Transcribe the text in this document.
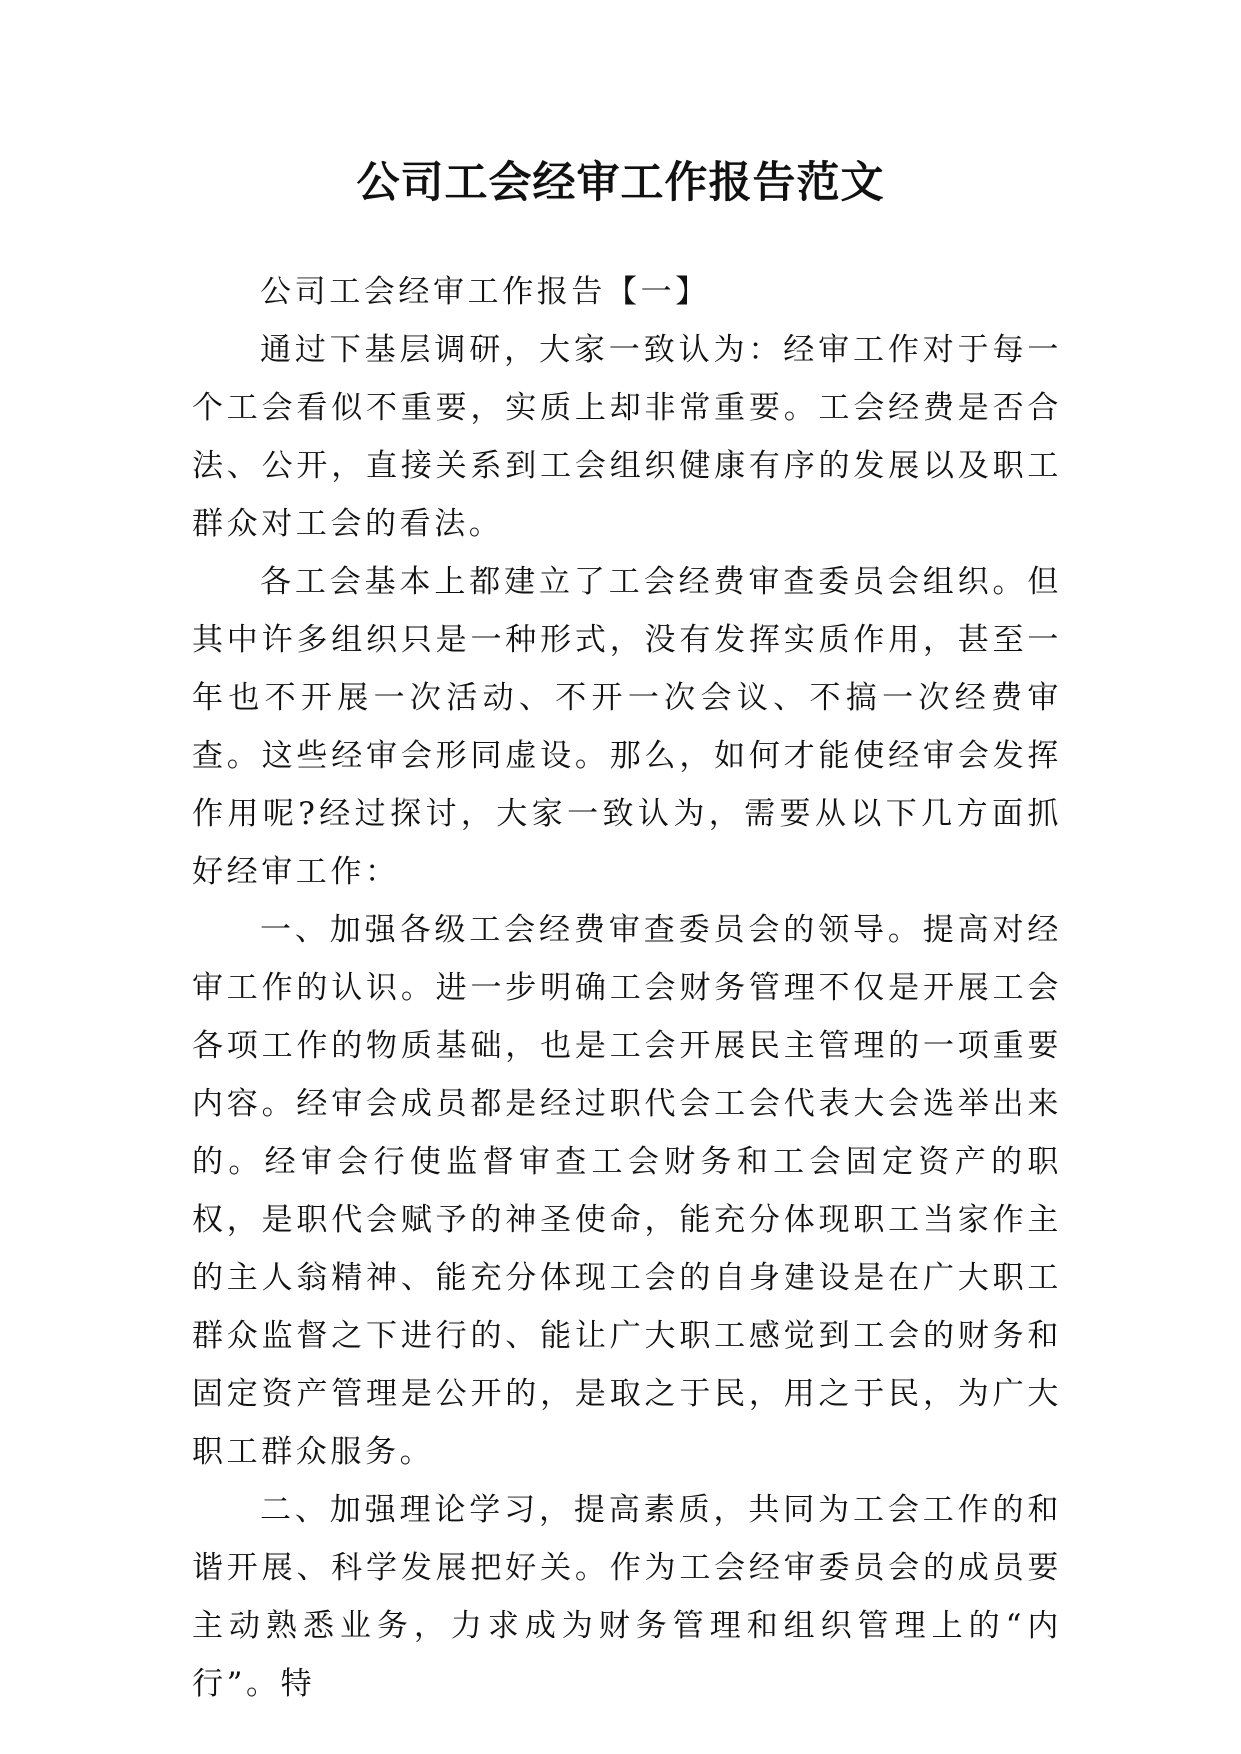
公司工会经审工作报告范文

公司工会经审工作报告【一】

通过下基层调研，大家一致认为：经审工作对于每一个工会看似不重要，实质上却非常重要。工会经费是否合法、公开，直接关系到工会组织健康有序的发展以及职工群众对工会的看法。

各工会基本上都建立了工会经费审查委员会组织。但其中许多组织只是一种形式，没有发挥实质作用，甚至一年也不开展一次活动、不开一次会议、不搞一次经费审查。这些经审会形同虚设。那么，如何才能使经审会发挥作用呢?经过探讨，大家一致认为，需要从以下几方面抓好经审工作：

一、加强各级工会经费审查委员会的领导。提高对经审工作的认识。进一步明确工会财务管理不仅是开展工会各项工作的物质基础，也是工会开展民主管理的一项重要内容。经审会成员都是经过职代会工会代表大会选举出来的。经审会行使监督审查工会财务和工会固定资产的职权，是职代会赋予的神圣使命，能充分体现职工当家作主的主人翁精神、能充分体现工会的自身建设是在广大职工群众监督之下进行的、能让广大职工感觉到工会的财务和固定资产管理是公开的，是取之于民，用之于民，为广大职工群众服务。

二、加强理论学习，提高素质，共同为工会工作的和谐开展、科学发展把好关。作为工会经审委员会的成员要主动熟悉业务，力求成为财务管理和组织管理上的“内行”。特
